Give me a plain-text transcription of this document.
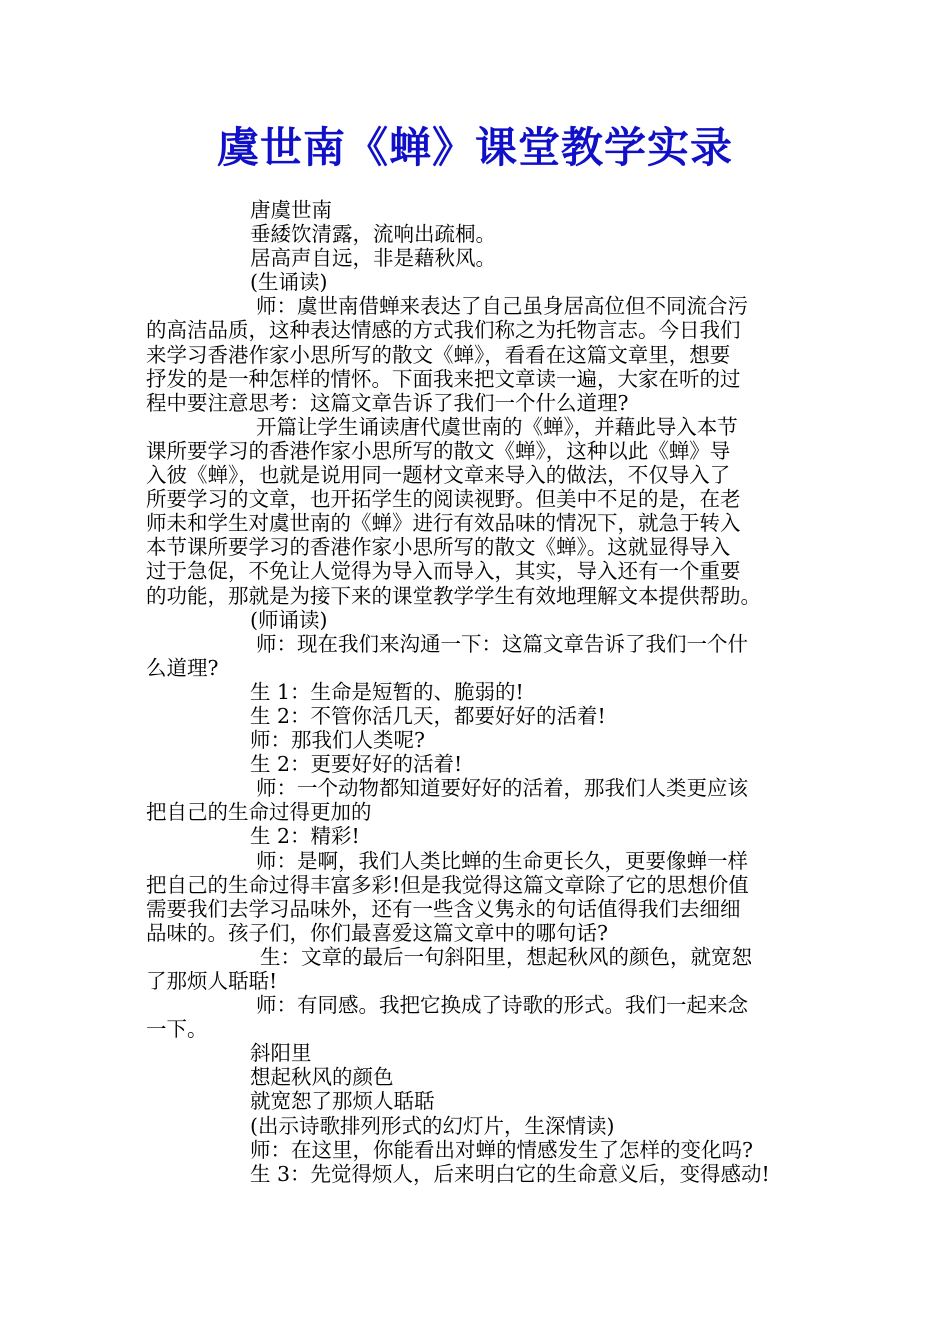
虞世南《蝉》课堂教学实录
唐虞世南
垂緌饮清露，流响出疏桐。
居高声自远，非是藉秋风。
(生诵读)
师：虞世南借蝉来表达了自己虽身居高位但不同流合污
的高洁品质，这种表达情感的方式我们称之为托物言志。今日我们
来学习香港作家小思所写的散文《蝉》，看看在这篇文章里，想要
抒发的是一种怎样的情怀。下面我来把文章读一遍，大家在听的过
程中要注意思考：这篇文章告诉了我们一个什么道理?
开篇让学生诵读唐代虞世南的《蝉》，并藉此导入本节
课所要学习的香港作家小思所写的散文《蝉》，这种以此《蝉》导
入彼《蝉》，也就是说用同一题材文章来导入的做法，不仅导入了
所要学习的文章，也开拓学生的阅读视野。但美中不足的是，在老
师未和学生对虞世南的《蝉》进行有效品味的情况下，就急于转入
本节课所要学习的香港作家小思所写的散文《蝉》。这就显得导入
过于急促，不免让人觉得为导入而导入，其实，导入还有一个重要
的功能，那就是为接下来的课堂教学学生有效地理解文本提供帮助。
(师诵读)
师：现在我们来沟通一下：这篇文章告诉了我们一个什
么道理?
生 1：生命是短暂的、脆弱的!
生 2：不管你活几天，都要好好的活着!
师：那我们人类呢?
生 2：更要好好的活着!
师：一个动物都知道要好好的活着，那我们人类更应该
把自己的生命过得更加的
生 2：精彩!
师：是啊，我们人类比蝉的生命更长久，更要像蝉一样
把自己的生命过得丰富多彩!但是我觉得这篇文章除了它的思想价值
需要我们去学习品味外，还有一些含义隽永的句话值得我们去细细
品味的。孩子们，你们最喜爱这篇文章中的哪句话?
生：文章的最后一句斜阳里，想起秋风的颜色，就宽恕
了那烦人聒聒!
师：有同感。我把它换成了诗歌的形式。我们一起来念
一下。
斜阳里
想起秋风的颜色
就宽恕了那烦人聒聒
(出示诗歌排列形式的幻灯片，生深情读)
师：在这里，你能看出对蝉的情感发生了怎样的变化吗?
生 3：先觉得烦人，后来明白它的生命意义后，变得感动!
